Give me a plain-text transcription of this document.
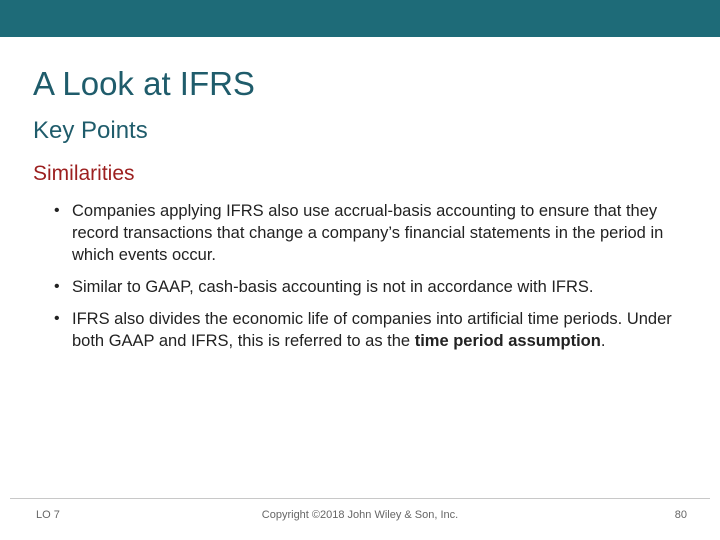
A Look at IFRS
Key Points
Similarities
• Companies applying IFRS also use accrual-basis accounting to ensure that they record transactions that change a company’s financial statements in the period in which events occur.
• Similar to GAAP, cash-basis accounting is not in accordance with IFRS.
• IFRS also divides the economic life of companies into artificial time periods. Under both GAAP and IFRS, this is referred to as the time period assumption.
LO 7	Copyright ©2018 John Wiley & Son, Inc.	80
